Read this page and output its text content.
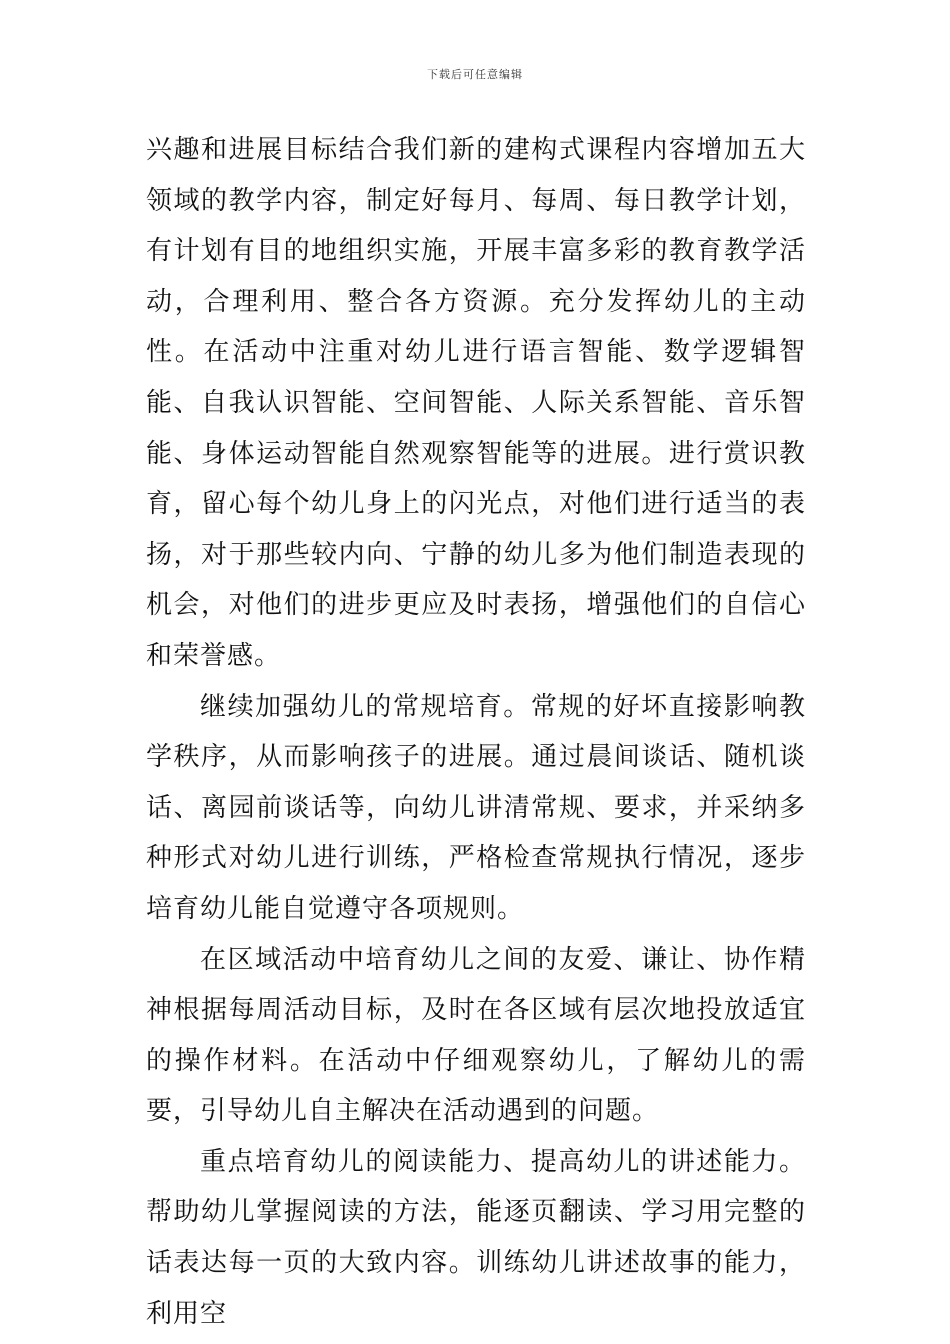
下载后可任意编辑

兴趣和进展目标结合我们新的建构式课程内容增加五大领域的教学内容，制定好每月、每周、每日教学计划，有计划有目的地组织实施，开展丰富多彩的教育教学活动，合理利用、整合各方资源。充分发挥幼儿的主动性。在活动中注重对幼儿进行语言智能、数学逻辑智能、自我认识智能、空间智能、人际关系智能、音乐智能、身体运动智能自然观察智能等的进展。进行赏识教育，留心每个幼儿身上的闪光点，对他们进行适当的表扬，对于那些较内向、宁静的幼儿多为他们制造表现的机会，对他们的进步更应及时表扬，增强他们的自信心和荣誉感。

继续加强幼儿的常规培育。常规的好坏直接影响教学秩序，从而影响孩子的进展。通过晨间谈话、随机谈话、离园前谈话等，向幼儿讲清常规、要求，并采纳多种形式对幼儿进行训练，严格检查常规执行情况，逐步培育幼儿能自觉遵守各项规则。

在区域活动中培育幼儿之间的友爱、谦让、协作精神根据每周活动目标，及时在各区域有层次地投放适宜的操作材料。在活动中仔细观察幼儿，了解幼儿的需要，引导幼儿自主解决在活动遇到的问题。

重点培育幼儿的阅读能力、提高幼儿的讲述能力。帮助幼儿掌握阅读的方法，能逐页翻读、学习用完整的话表达每一页的大致内容。训练幼儿讲述故事的能力，利用空
